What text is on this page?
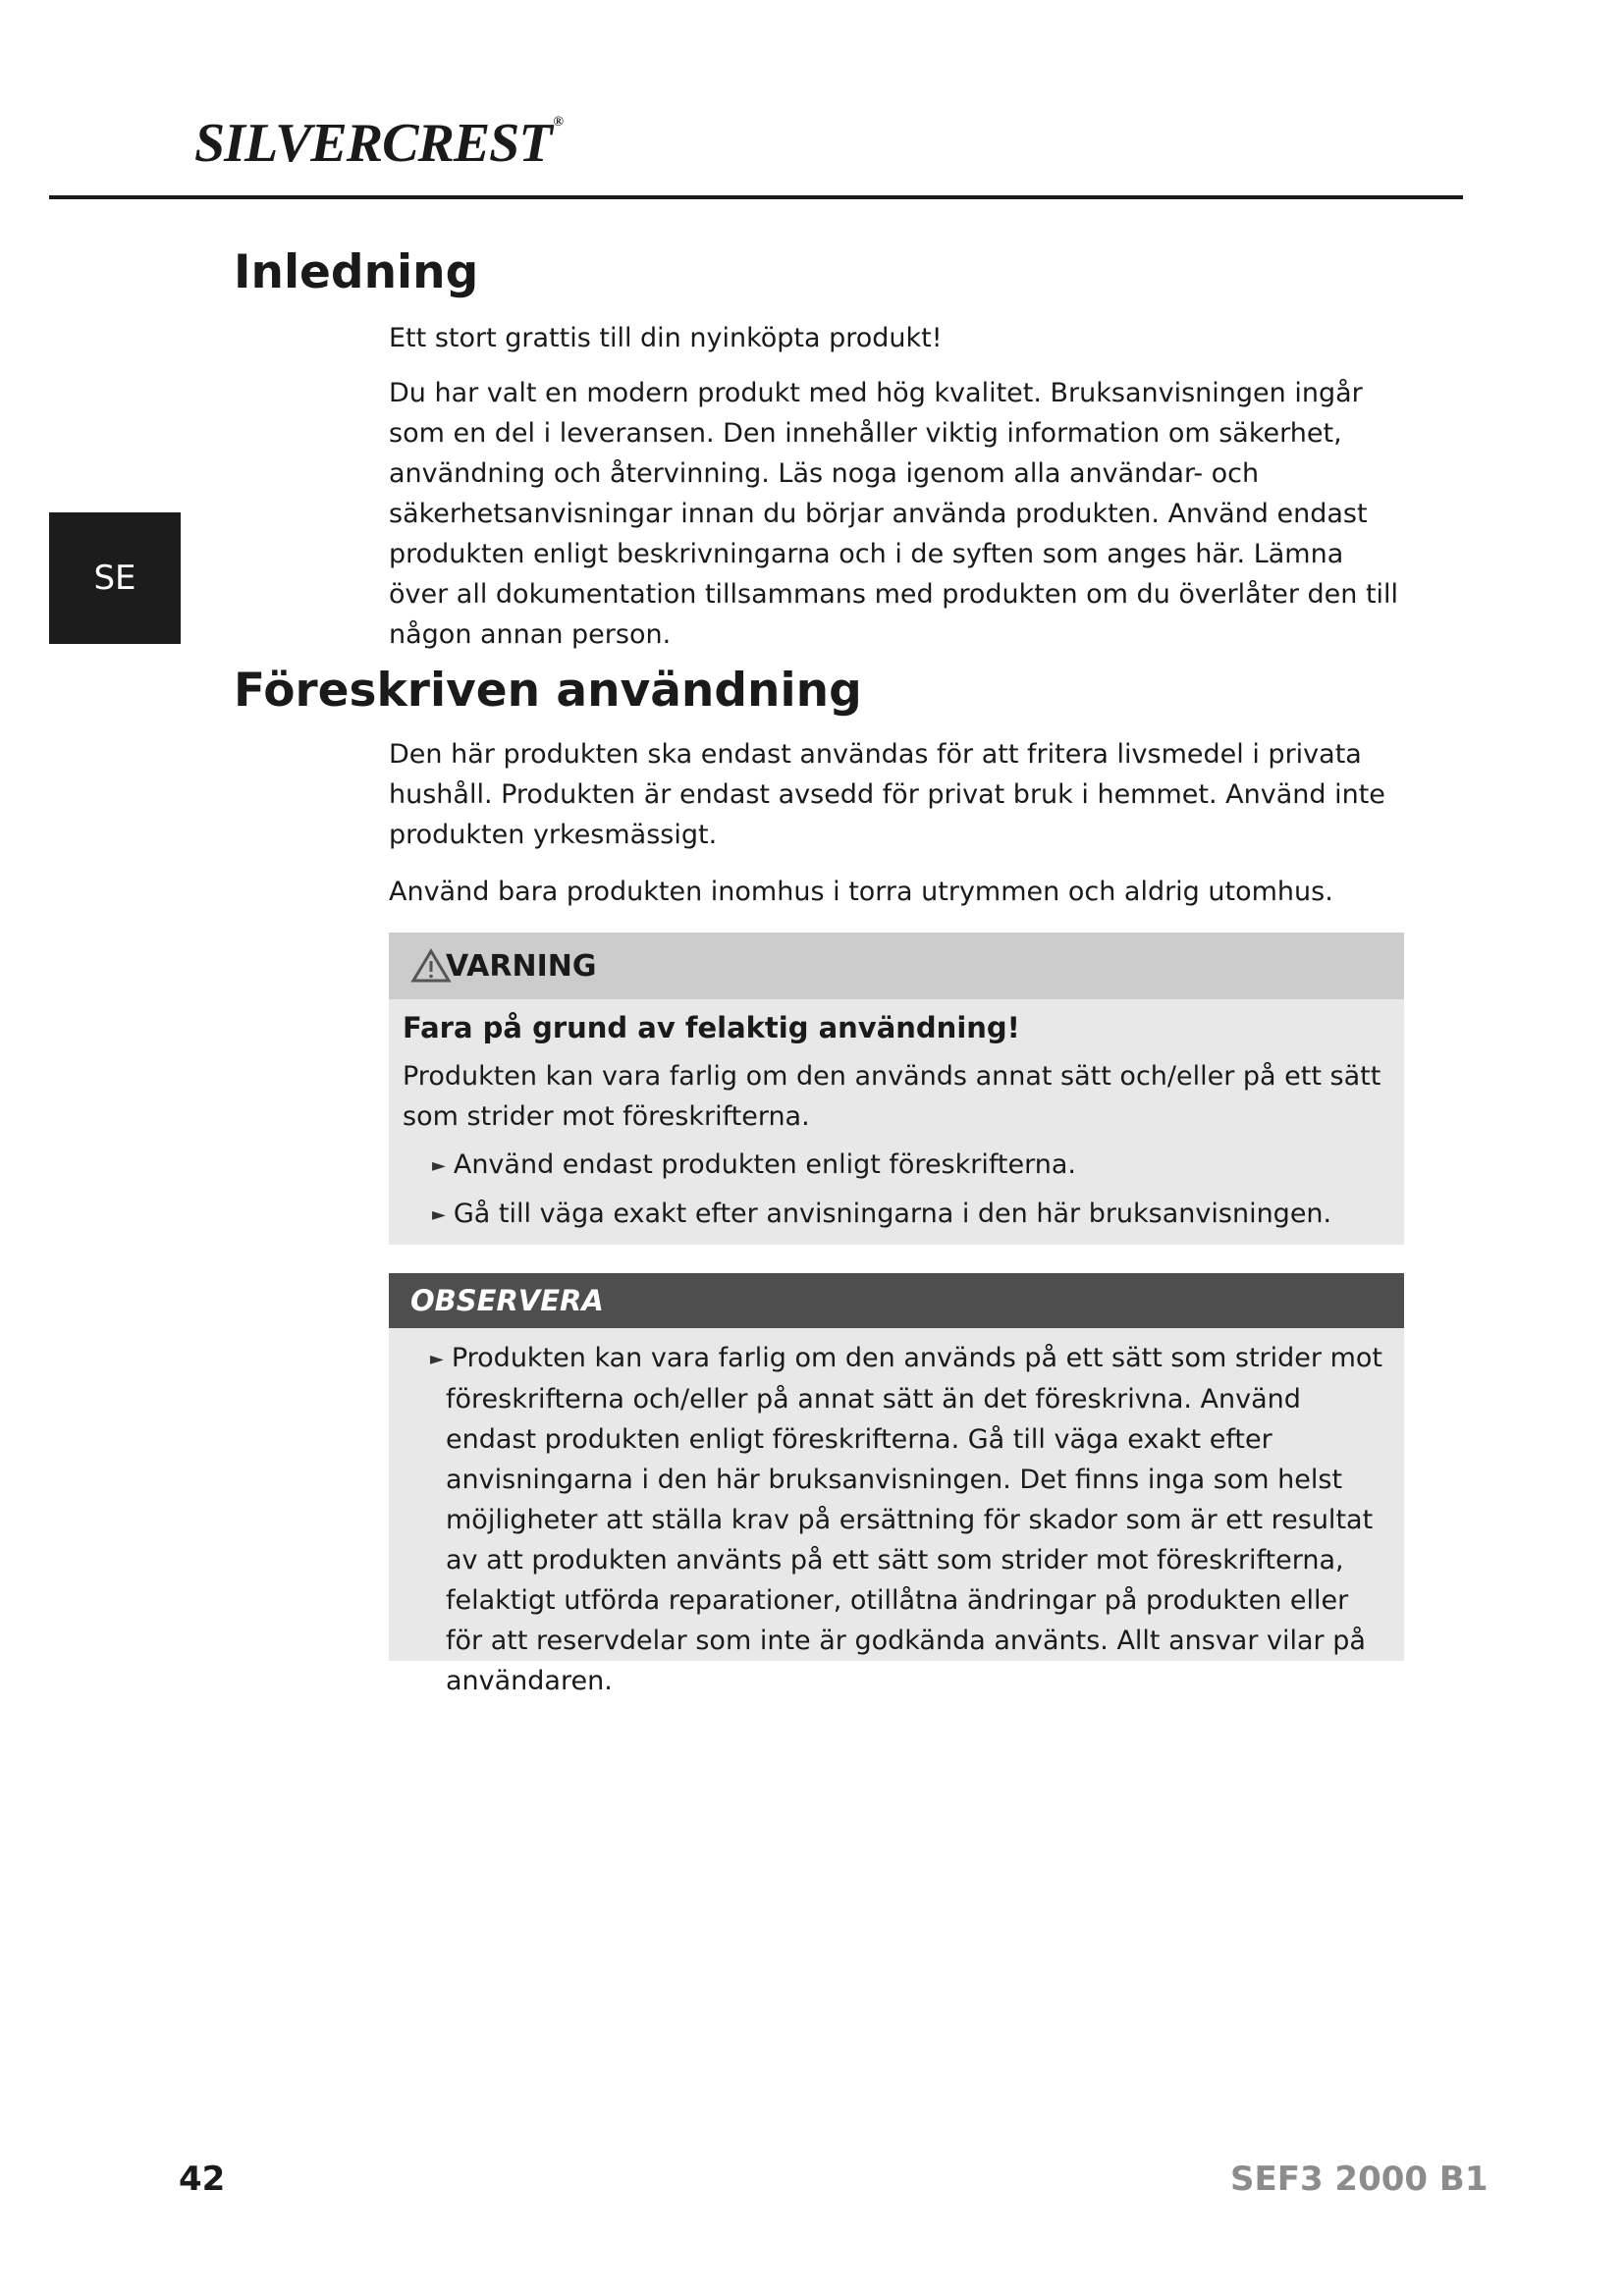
SILVERCREST ®
SE
Inledning

Ett stort grattis till din nyinköpta produkt!

Du har valt en modern produkt med hög kvalitet. Bruksanvisningen ingår som en del i leveransen. Den innehåller viktig information om säkerhet, användning och återvinning. Läs noga igenom alla användar- och säkerhetsanvisningar innan du börjar använda produkten. Använd endast produkten enligt beskrivningarna och i de syften som anges här. Lämna över all dokumentation tillsammans med produkten om du överlåter den till någon annan person.

Föreskriven användning

Den här produkten ska endast användas för att fritera livsmedel i privata hushåll. Produkten är endast avsedd för privat bruk i hemmet. Använd inte produkten yrkesmässigt.

Använd bara produkten inomhus i torra utrymmen och aldrig utomhus.

VARNING
Fara på grund av felaktig användning!
Produkten kan vara farlig om den används annat sätt och/eller på ett sätt som strider mot föreskrifterna.
► Använd endast produkten enligt föreskrifterna.
► Gå till väga exakt efter anvisningarna i den här bruksanvisningen.
OBSERVERA
► Produkten kan vara farlig om den används på ett sätt som strider mot föreskrifterna och/eller på annat sätt än det föreskrivna. Använd endast produkten enligt föreskrifterna. Gå till väga exakt efter anvisningarna i den här bruksanvisningen. Det finns inga som helst möjligheter att ställa krav på ersättning för skador som är ett resultat av att produkten använts på ett sätt som strider mot föreskrifterna, felaktigt utförda reparationer, otillåtna ändringar på produkten eller för att reservdelar som inte är godkända använts. Allt ansvar vilar på användaren.
42	SEF3 2000 B1
